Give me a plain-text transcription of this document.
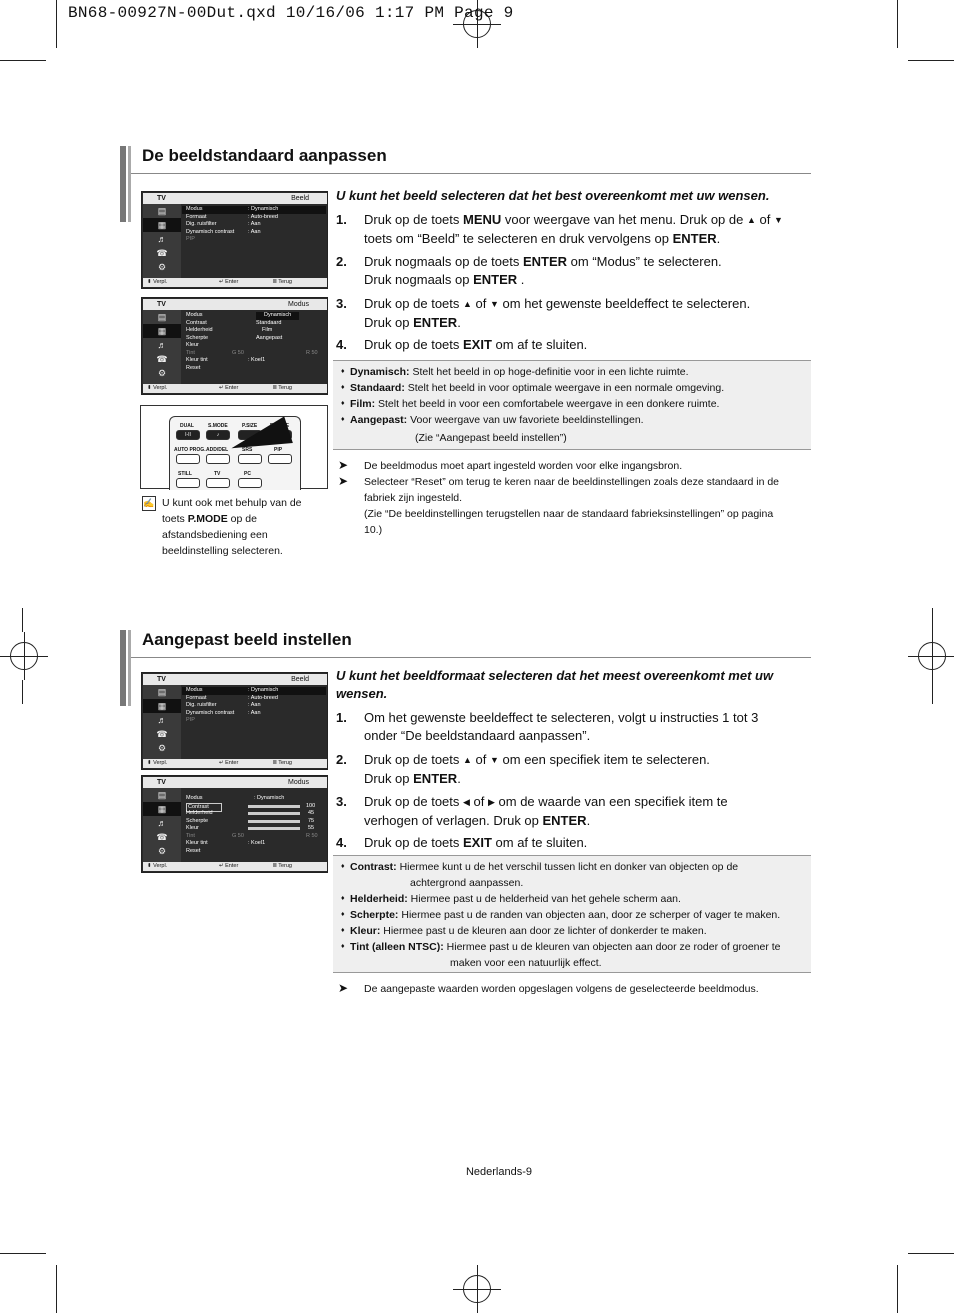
BN68-00927N-00Dut.qxd 10/16/06 1:17 PM Page 9
De beeldstandaard aanpassen
U kunt het beeld selecteren dat het best overeenkomt met uw wensen.
1. Druk op de toets MENU voor weergave van het menu. Druk op de ▲ of ▼ toets om “Beeld” te selecteren en druk vervolgens op ENTER.
2. Druk nogmaals op de toets ENTER om “Modus” te selecteren.
Druk nogmaals op ENTER .
3. Druk op de toets ▲ of ▼ om het gewenste beeldeffect te selecteren.
Druk op ENTER.
4. Druk op de toets EXIT om af te sluiten.
♦ Dynamisch: Stelt het beeld in op hoge-definitie voor in een lichte ruimte.
♦ Standaard: Stelt het beeld in voor optimale weergave in een normale omgeving.
♦ Film: Stelt het beeld in voor een comfortabele weergave in een donkere ruimte.
♦ Aangepast: Voor weergave van uw favoriete beeldinstellingen.
(Zie “Aangepast beeld instellen”)
➤ De beeldmodus moet apart ingesteld worden voor elke ingangsbron.
➤ Selecteer “Reset” om terug te keren naar de beeldinstellingen zoals deze standaard in de fabriek zijn ingesteld.
(Zie “De beeldinstellingen terugstellen naar de standaard fabrieksinstellingen” op pagina 10.)
TV	Beeld
▤
▦
♬
☎
⚙
Modus	: Dynamisch
Formaat	: Auto-breed
Dig. ruisfilter	: Aan
Dynamisch contrast : Aan
PIP
⬍ Verpl.	↵ Enter	Ⅲ Terug
TV	Modus
▤
▦
♬
☎
⚙
Modus	Dynamisch
Contrast	Standaard
Helderheid	Film
Scherpte	Aangepast
Kleur
Tint	G 50	R 50
Kleur tint	: Koel1
Reset
⬍ Verpl.	↵ Enter	Ⅲ Terug
DUAL	S.MODE	P.SIZE	P.MODE
I-II	♪
AUTO PROG. ADD/DEL	SRS	PIP
STILL	TV	PC
✍ U kunt ook met behulp van de toets P.MODE op de afstandsbediening een beeldinstelling selecteren.
Aangepast beeld instellen
U kunt het beeldformaat selecteren dat het meest overeenkomt met uw wensen.
1. Om het gewenste beeldeffect te selecteren, volgt u instructies 1 tot 3 onder “De beeldstandaard aanpassen”.
2. Druk op de toets ▲ of ▼ om een specifiek item te selecteren.
Druk op ENTER.
3. Druk op de toets ◀ of ▶ om de waarde van een specifiek item te verhogen of verlagen. Druk op ENTER.
4. Druk op de toets EXIT om af te sluiten.
♦ Contrast: Hiermee kunt u de het verschil tussen licht en donker van objecten op de
achtergrond aanpassen.
♦ Helderheid: Hiermee past u de helderheid van het gehele scherm aan.
♦ Scherpte: Hiermee past u de randen van objecten aan, door ze scherper of vager te maken.
♦ Kleur: Hiermee past u de kleuren aan door ze lichter of donkerder te maken.
♦ Tint (alleen NTSC): Hiermee past u de kleuren van objecten aan door ze roder of groener te
maken voor een natuurlijk effect.
➤ De aangepaste waarden worden opgeslagen volgens de geselecteerde beeldmodus.
TV	Beeld
▤
▦
♬
☎
⚙
Modus	: Dynamisch
Formaat	: Auto-breed
Dig. ruisfilter	: Aan
Dynamisch contrast : Aan
PIP
⬍ Verpl.	↵ Enter	Ⅲ Terug
TV	Modus
▤
▦
♬
☎
⚙
Modus	: Dynamisch
Contrast	100
Helderheid	45
Scherpte	75
Kleur	55
Tint	G 50	R 50
Kleur tint	: Koel1
Reset
⬍ Verpl.	↵ Enter	Ⅲ Terug
Nederlands-9
